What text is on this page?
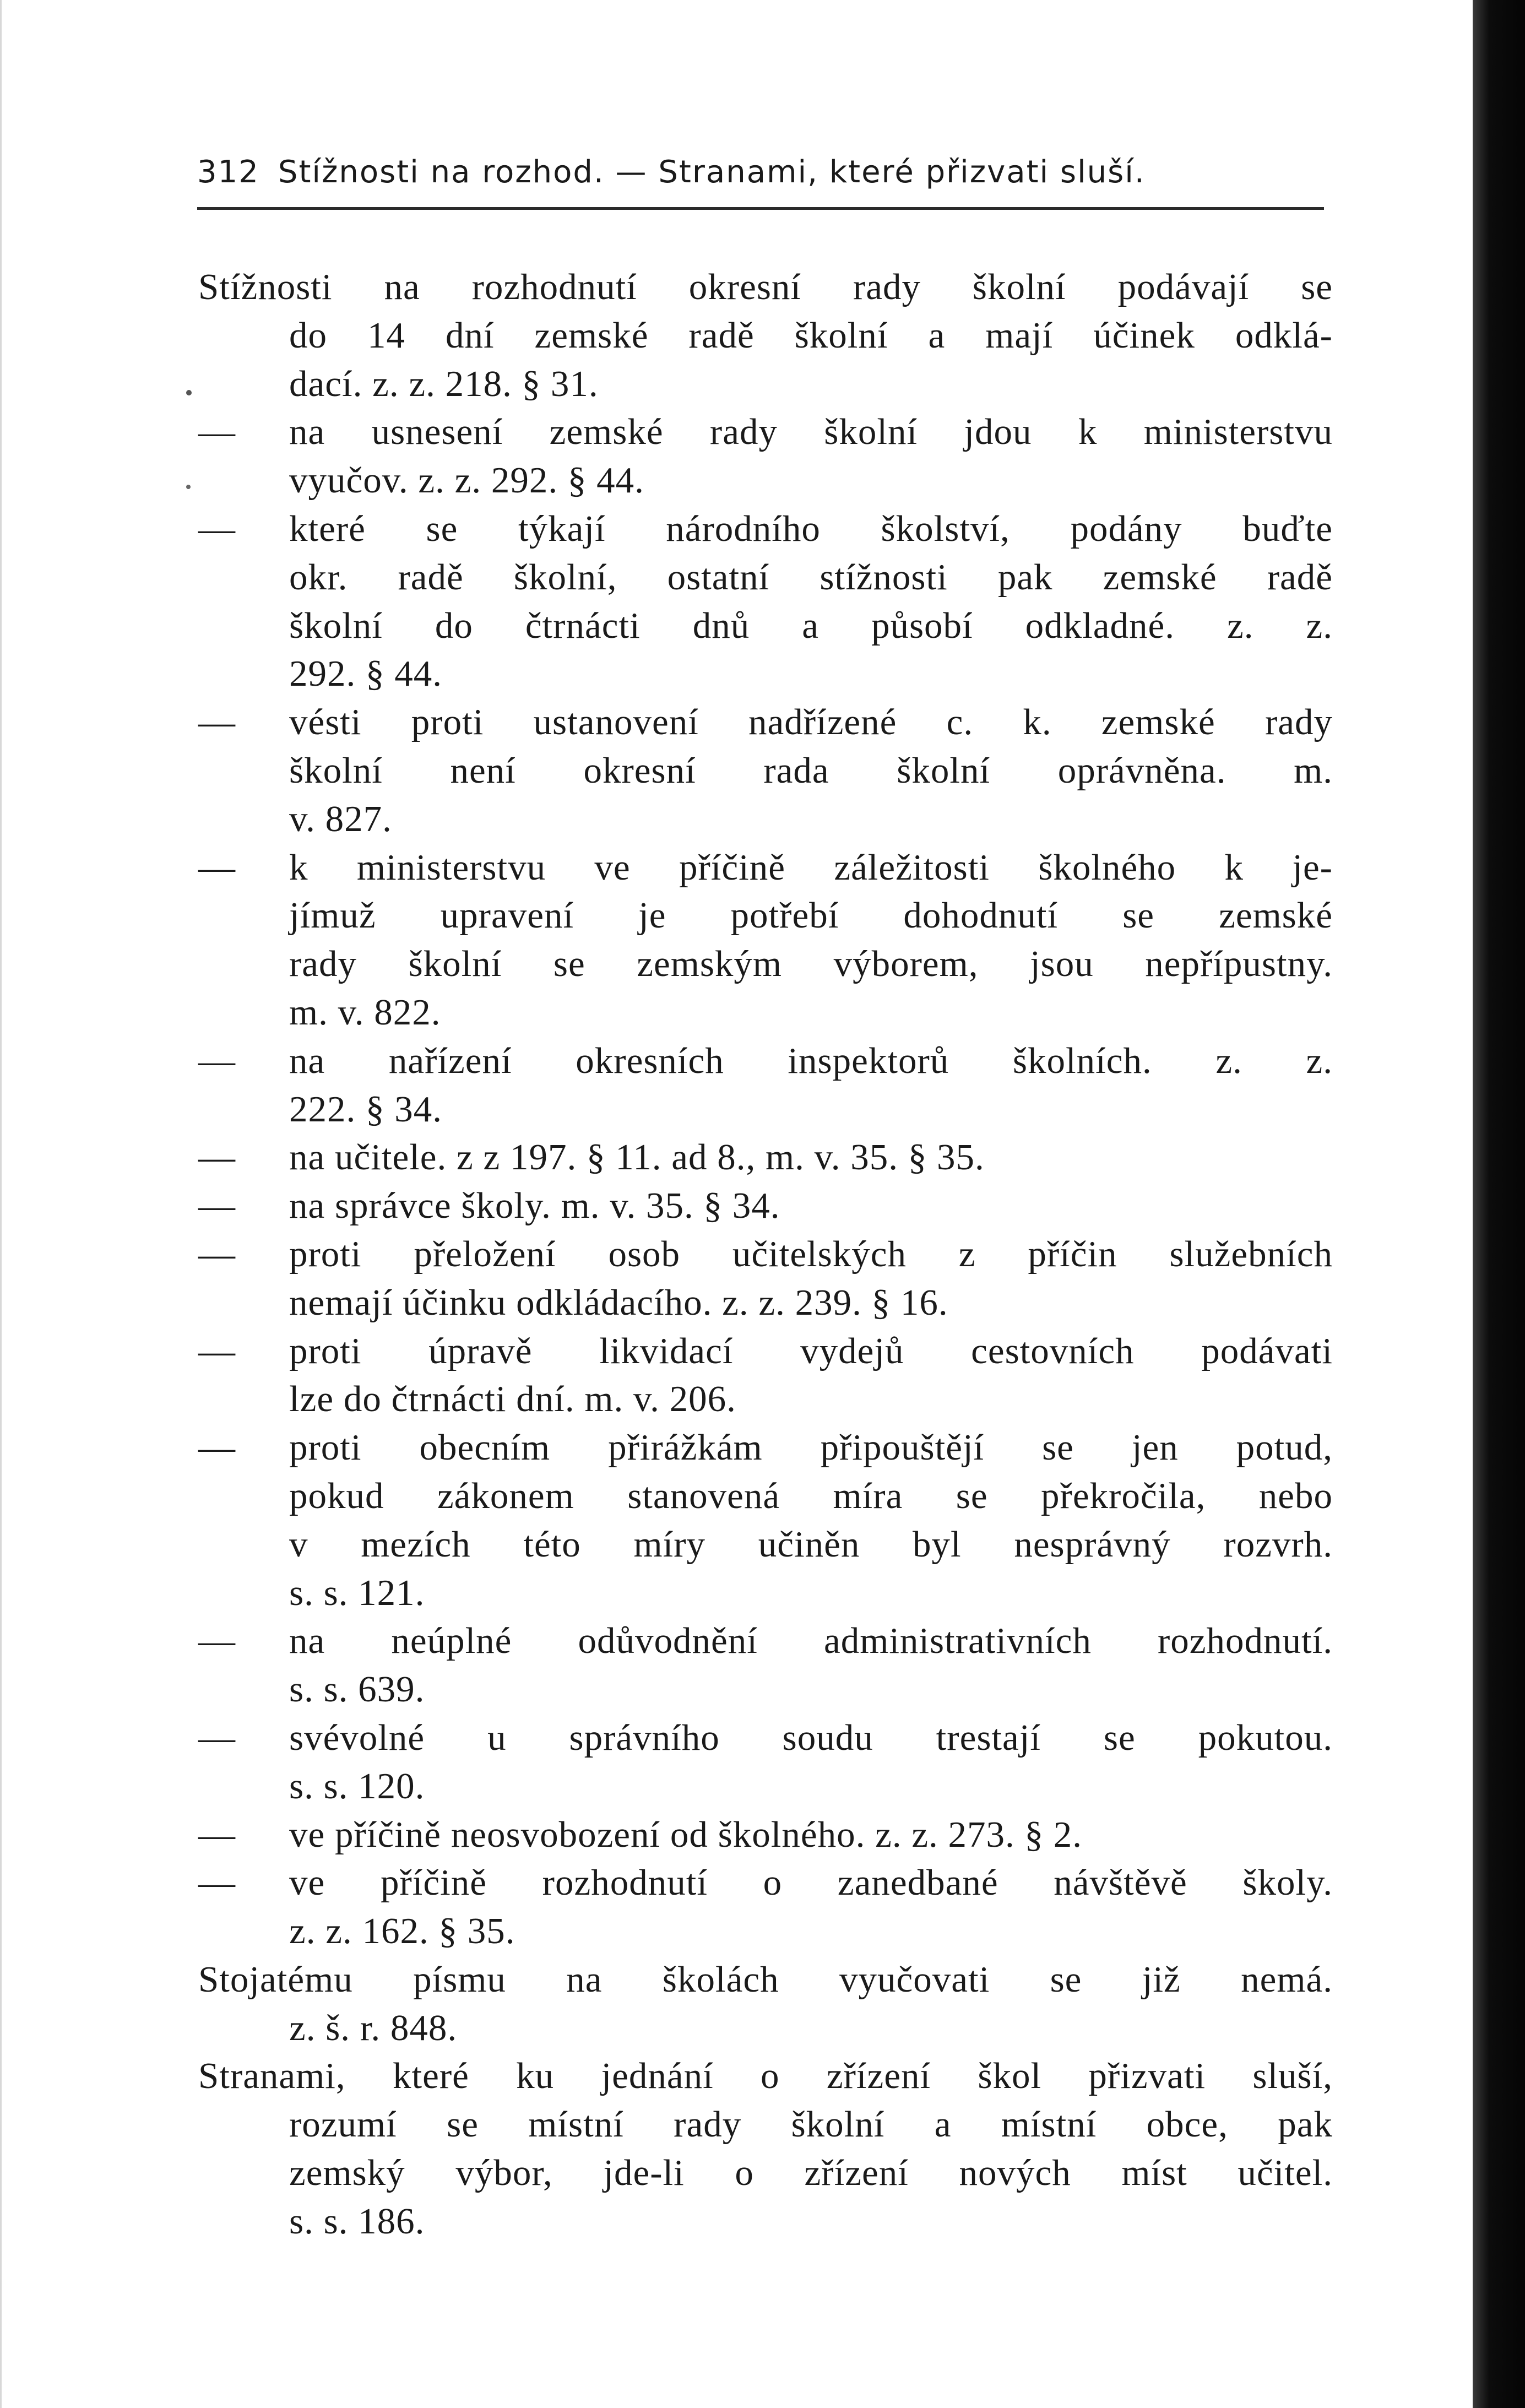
312 Stížnosti na rozhod. — Stranami, které přizvati sluší.
Stížnosti na rozhodnutí okresní rady školní podávají se
do 14 dní zemské radě školní a mají účinek odklá-
dací. z. z. 218. § 31.
—	na usnesení zemské rady školní jdou k ministerstvu
vyučov. z. z. 292. § 44.
—	které se týkají národního školství, podány buďte
okr. radě školní, ostatní stížnosti pak zemské radě
školní do čtrnácti dnů a působí odkladné. z. z.
292. § 44.
—	vésti proti ustanovení nadřízené c. k. zemské rady
školní není okresní rada školní oprávněna. m.
v. 827.
—	k ministerstvu ve příčině záležitosti školného k je-
jímuž upravení je potřebí dohodnutí se zemské
rady školní se zemským výborem, jsou nepřípustny.
m. v. 822.
—	na nařízení okresních inspektorů školních. z. z.
222. § 34.
—	na učitele. z z 197. § 11. ad 8., m. v. 35. § 35.
—	na správce školy. m. v. 35. § 34.
—	proti přeložení osob učitelských z příčin služebních
nemají účinku odkládacího. z. z. 239. § 16.
—	proti úpravě likvidací vydejů cestovních podávati
lze do čtrnácti dní. m. v. 206.
—	proti obecním přirážkám připouštějí se jen potud,
pokud zákonem stanovená míra se překročila, nebo
v mezích této míry učiněn byl nesprávný rozvrh.
s. s. 121.
—	na neúplné odůvodnění administrativních rozhodnutí.
s. s. 639.
—	svévolné u správního soudu trestají se pokutou.
s. s. 120.
—	ve příčině neosvobození od školného. z. z. 273. § 2.
—	ve příčině rozhodnutí o zanedbané návštěvě školy.
z. z. 162. § 35.
Stojatému písmu na školách vyučovati se již nemá.
z. š. r. 848.
Stranami, které ku jednání o zřízení škol přizvati sluší,
rozumí se místní rady školní a místní obce, pak
zemský výbor, jde-li o zřízení nových míst učitel.
s. s. 186.
